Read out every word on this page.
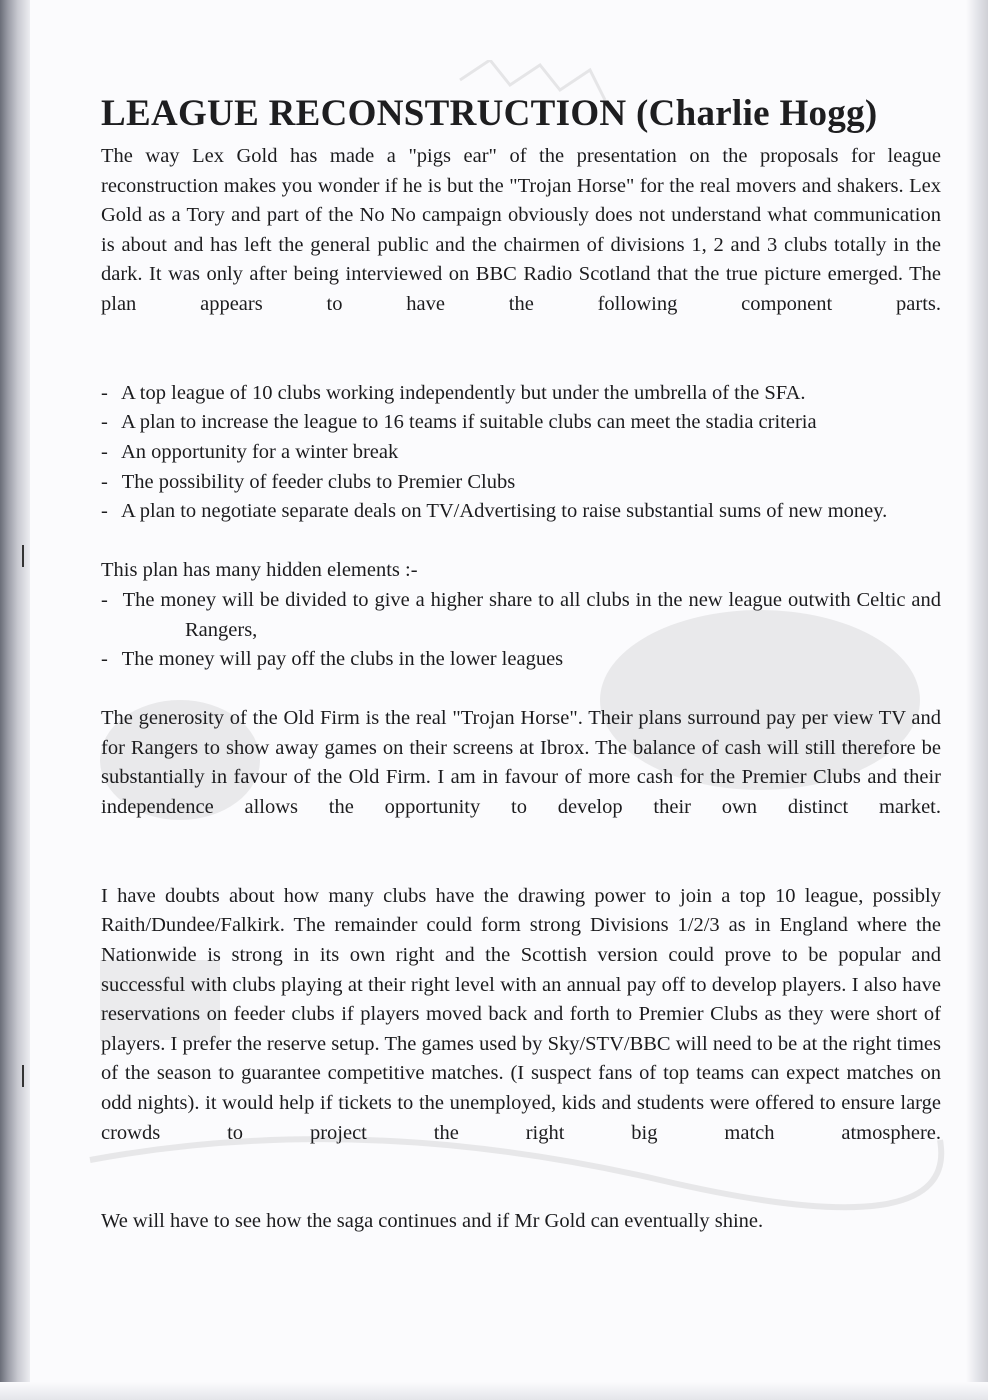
LEAGUE RECONSTRUCTION (Charlie Hogg)

The way Lex Gold has made a "pigs ear" of the presentation on the proposals for league reconstruction makes you wonder if he is but the "Trojan Horse" for the real movers and shakers. Lex Gold as a Tory and part of the No No campaign obviously does not understand what communication is about and has left the general public and the chairmen of divisions 1, 2 and 3 clubs totally in the dark. It was only after being interviewed on BBC Radio Scotland that the true picture emerged. The plan appears to have the following component parts.

- A top league of 10 clubs working independently but under the umbrella of the SFA.
- A plan to increase the league to 16 teams if suitable clubs can meet the stadia criteria
- An opportunity for a winter break
- The possibility of feeder clubs to Premier Clubs
- A plan to negotiate separate deals on TV/Advertising to raise substantial sums of new money.

This plan has many hidden elements :-

- The money will be divided to give a higher share to all clubs in the new league outwith Celtic and Rangers,
- The money will pay off the clubs in the lower leagues

The generosity of the Old Firm is the real "Trojan Horse". Their plans surround pay per view TV and for Rangers to show away games on their screens at Ibrox. The balance of cash will still therefore be substantially in favour of the Old Firm. I am in favour of more cash for the Premier Clubs and their independence allows the opportunity to develop their own distinct market.

I have doubts about how many clubs have the drawing power to join a top 10 league, possibly Raith/Dundee/Falkirk. The remainder could form strong Divisions 1/2/3 as in England where the Nationwide is strong in its own right and the Scottish version could prove to be popular and successful with clubs playing at their right level with an annual pay off to develop players. I also have reservations on feeder clubs if players moved back and forth to Premier Clubs as they were short of players. I prefer the reserve setup. The games used by Sky/STV/BBC will need to be at the right times of the season to guarantee competitive matches. (I suspect fans of top teams can expect matches on odd nights). it would help if tickets to the unemployed, kids and students were offered to ensure large crowds to project the right big match atmosphere.

We will have to see how the saga continues and if Mr Gold can eventually shine.
